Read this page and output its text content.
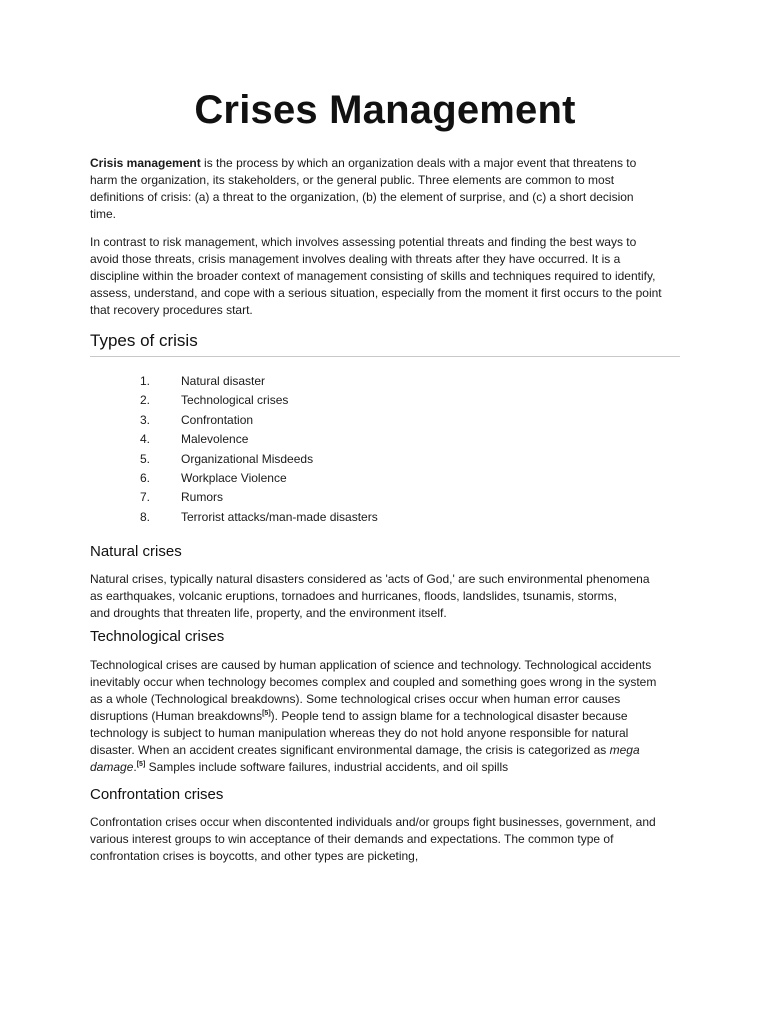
Crises Management
Crisis management is the process by which an organization deals with a major event that threatens to
harm the organization, its stakeholders, or the general public. Three elements are common to most
definitions of crisis: (a) a threat to the organization, (b) the element of surprise, and (c) a short decision
time.
In contrast to risk management, which involves assessing potential threats and finding the best ways to
avoid those threats, crisis management involves dealing with threats after they have occurred. It is a
discipline within the broader context of management consisting of skills and techniques required to identify,
assess, understand, and cope with a serious situation, especially from the moment it first occurs to the point
that recovery procedures start.
Types of crisis
1.	Natural disaster
2.	Technological crises
3.	Confrontation
4.	Malevolence
5.	Organizational Misdeeds
6.	Workplace Violence
7.	Rumors
8.	Terrorist attacks/man-made disasters
Natural crises
Natural crises, typically natural disasters considered as 'acts of God,' are such environmental phenomena
as earthquakes, volcanic eruptions, tornadoes and hurricanes, floods, landslides, tsunamis, storms,
and droughts that threaten life, property, and the environment itself.
Technological crises
Technological crises are caused by human application of science and technology. Technological accidents
inevitably occur when technology becomes complex and coupled and something goes wrong in the system
as a whole (Technological breakdowns). Some technological crises occur when human error causes
disruptions (Human breakdowns[5]). People tend to assign blame for a technological disaster because
technology is subject to human manipulation whereas they do not hold anyone responsible for natural
disaster. When an accident creates significant environmental damage, the crisis is categorized as mega
damage.[5] Samples include software failures, industrial accidents, and oil spills
Confrontation crises
Confrontation crises occur when discontented individuals and/or groups fight businesses, government, and
various interest groups to win acceptance of their demands and expectations. The common type of
confrontation crises is boycotts, and other types are picketing,
